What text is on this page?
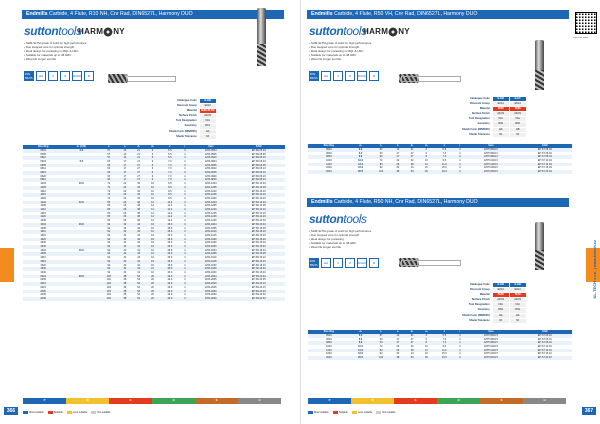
Endmills Carbide, 4 Flute, R10 NH, Cnr Rad, DIN6527L, Harmony DUO
suttontools
HARM NY
• SHM-SLTM grade of solid for high performance
• Duo stepped core for optimal strength
• Ideal design for pocketing in MQL & HSC
• Suitable for materials up to 48 HRC
• Wear life longer tool life
DIN 6527L	HA	4	Z	SOLID	R
Catalogue Code	E-HB
Discount Group	E014
Material	SHM-SLTM
Surface Finish	AlCrN
Tool Designation	N/A
Geometry	R10
Shank Form (DIN6535)	HA
Shank Tolerance	h6
Size Reg	d₁ (h10)	l₁	l₂	d₂	d₃	z	r	Item	EAN
0504	6.0	57	13	21	6	5.5	4	EHA 0504	EH 69 05 04
0505		57	13	21	6	5.5	4	EHA 0505	EH 69 05 05
0510		57	13	21	6	5.5	4	EHA 0510	EH 69 05 10
0604	6.0	63	17	27	6	7.0	4	EHA 0604	EH 69 06 04
0605		63	17	27	6	7.0	4	EHA 0605	EH 69 06 05
0610		63	17	27	6	7.0	4	EHA 0610	EH 69 06 10
0615		63	17	27	6	7.0	4	EHA 0615	EH 69 06 15
0620		63	17	27	6	7.0	4	EHA 0620	EH 69 06 20
0810		63	17	27	6	7.0	4	EHA 0810	EH 69 08 10
1004	10.0	72	22	32	10	9.5	4	EHA 1004	EH 69 10 04
1005		72	22	32	10	9.5	4	EHA 1005	EH 69 10 05
1010		72	22	32	10	9.5	4	EHA 1010	EH 69 10 10
1015		72	22	32	10	9.5	4	EHA 1015	EH 69 10 15
1020		72	22	32	10	9.5	4	EHA 1020	EH 69 10 20
1204	12.0	83	26	38	12	11.2	4	EHA 1204	EH 69 12 04
1205		83	26	38	12	11.2	4	EHA 1205	EH 69 12 05
1210		83	26	38	12	11.2	4	EHA 1210	EH 69 12 10
1215		83	26	38	12	11.2	4	EHA 1215	EH 69 12 15
1220		83	26	38	12	11.2	4	EHA 1220	EH 69 12 20
1230		83	26	38	12	11.2	4	EHA 1230	EH 69 12 30
1604	16.0	92	32	44	16	15.0	4	EHA 1604	EH 69 16 04
1605		92	32	44	16	15.0	4	EHA 1605	EH 69 16 05
1610		92	32	44	16	15.0	4	EHA 1610	EH 69 16 10
1615		92	32	44	16	15.0	4	EHA 1615	EH 69 16 15
1620		92	32	44	16	15.0	4	EHA 1620	EH 69 16 20
1630		92	32	44	16	15.0	4	EHA 1630	EH 69 16 30
1640		92	32	44	16	15.0	4	EHA 1640	EH 69 16 40
1604	16.0	92	32	44	16	15.0	4	EHA 1604	EH 69 16 04
1605		92	32	44	16	15.0	4	EHA 1605	EH 69 16 05
1610		92	32	44	16	15.0	4	EHA 1610	EH 69 16 10
1615		92	32	44	16	15.0	4	EHA 1615	EH 69 16 15
1620		92	32	44	16	15.0	4	EHA 1620	EH 69 16 20
1630		92	32	44	16	15.0	4	EHA 1630	EH 69 16 30
1640		92	32	44	16	15.0	4	EHA 1640	EH 69 16 40
2004	20.0	104	38	54	20	19.0	4	EHA 2004	EH 69 20 04
2005		104	38	54	20	19.0	4	EHA 2005	EH 69 20 05
2010		104	38	54	20	19.0	4	EHA 2010	EH 69 20 10
2015		104	38	54	20	19.0	4	EHA 2015	EH 69 20 15
2020		104	38	54	20	19.0	4	EHA 2020	EH 69 20 20
2030		104	38	54	20	19.0	4	EHA 2030	EH 69 20 30
2040		104	38	54	20	19.0	4	EHA 2040	EH 69 20 40
P	M	K	N	S	H
Most suitable	Suitable	Less suitable	Not suitable
366
KL-TECH s.r.o. | www.kltech.cz
Endmills Carbide, 4 Flute, R50 VH, Cnr Rad, DIN6527L, Harmony DUO
watch the video
suttontools
HARM NY
• SHM-SLTM grade of solid for high performance
• Duo stepped core for optimal strength
• Ideal design for pocketing in MQL & HSC
• Suitable for materials up to 48 HRC
• Wear life longer tool life
DIN 6527L	HA	4	Z	SOLID	R
Catalogue Code	E-HB	E-HT
Discount Group	E014	E014
Material	SHM	SHM
Surface Finish	AlCrN	AlCrN
Tool Designation	N/A	N/A
Geometry	R50	R50
Shank Form (DIN6535)	HA	HB
Shank Tolerance	h6	h6
Size Reg	d₁	l₁	l₂	d₂	d₃	z	r	Item	EAN
0504	6.0	57	13	21	6	5.5	4	EHH 0504 0	EH 67 05 04
0604	6.0	63	17	27	6	7.0	4	EHH 0604 0	EH 67 06 04
0804	8.0	63	17	27	8	7.4	4	EHH 0804 0	EH 67 08 04
1004	10.0	72	22	32	10	9.5	4	EHH 1004 0	EH 67 10 04
1204	12.0	83	26	38	12	11.2	4	EHH 1204 0	EH 67 12 04
1604	16.0	92	32	44	16	15.0	4	EHH 1604 0	EH 67 16 04
2004	20.0	104	38	54	20	19.0	4	EHH 2004 0	EH 67 20 04
Endmills Carbide, 4 Flute, R50 NH, Cnr Rad, DIN6527L, Harmony DUO
suttontools
• SHM-SLTM grade of solid for high performance
• Duo stepped core for optimal strength
• Ideal design for pocketing
• Suitable for materials up to 48 HRC
• Wear life longer tool life
DIN 6527L	HA	4	Z	SOLID	R
Catalogue Code	E-HB	E-HB
Discount Group	E014	E014
Material	SHM	SHM
Surface Finish	AlCrN	AlCrN
Tool Designation	N/A	N/A
Geometry	R50	R50
Shank Form (DIN6535)	HA	HA
Shank Tolerance	h6	h6
Size Reg	d₁	l₁	l₂	d₂	d₃	z	r	Item	EAN
0504	6.0	57	13	21	6	5.5	4	EHH 0504 5	EH 67 05 10
0604	6.0	63	17	27	6	7.0	4	EHH 0604 5	EH 67 06 10
0804	8.0	63	17	27	8	7.4	4	EHH 0804 5	EH 67 08 10
1004	10.0	72	22	32	10	9.5	4	EHH 1004 5	EH 67 10 10
1204	12.0	83	26	38	12	11.2	4	EHH 1204 5	EH 67 12 10
1604	16.0	92	32	44	16	15.0	4	EHH 1604 5	EH 67 16 10
2004	20.0	104	38	54	20	19.0	4	EHH 2004 5	EH 67 20 10
P	M	K	N	S	H
Most suitable	Suitable	Less suitable	Not suitable	367
